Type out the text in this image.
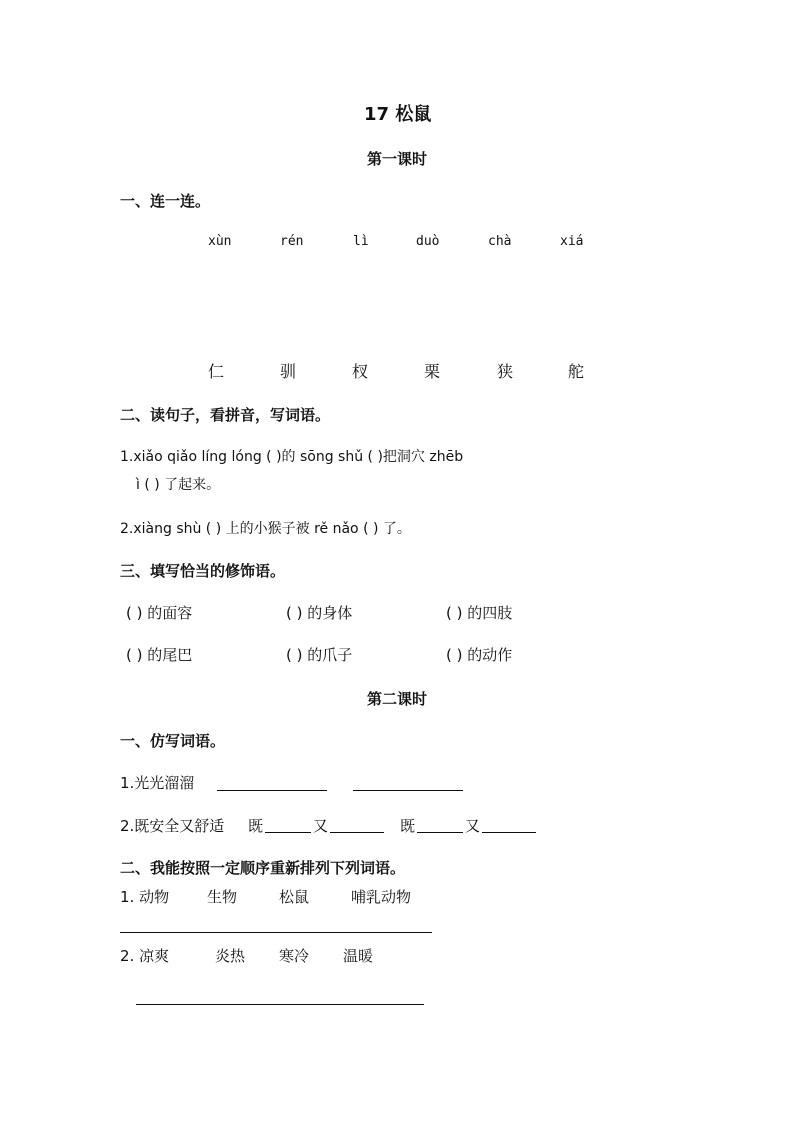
17 松鼠
第一课时
一、连一连。
xùn	rén	lì	duò	chà	xiá
仁	驯	杈	栗	狭	舵
二、读句子，看拼音，写词语。
1.xiǎo qiǎo líng lóng ( )的 sōng shǔ ( )把洞穴 zhēb
ì ( ) 了起来。
2.xiàng shù ( ) 上的小猴子被 rě nǎo ( ) 了。
三、填写恰当的修饰语。
( ) 的面容	( ) 的身体	( ) 的四肢
( ) 的尾巴	( ) 的爪子	( ) 的动作
第二课时
一、仿写词语。
1.光光溜溜
2.既安全又舒适 既	又	既	又
二、我能按照一定顺序重新排列下列词语。
1. 动物	生物	松鼠	哺乳动物
2. 凉爽	炎热 寒冷 温暖
